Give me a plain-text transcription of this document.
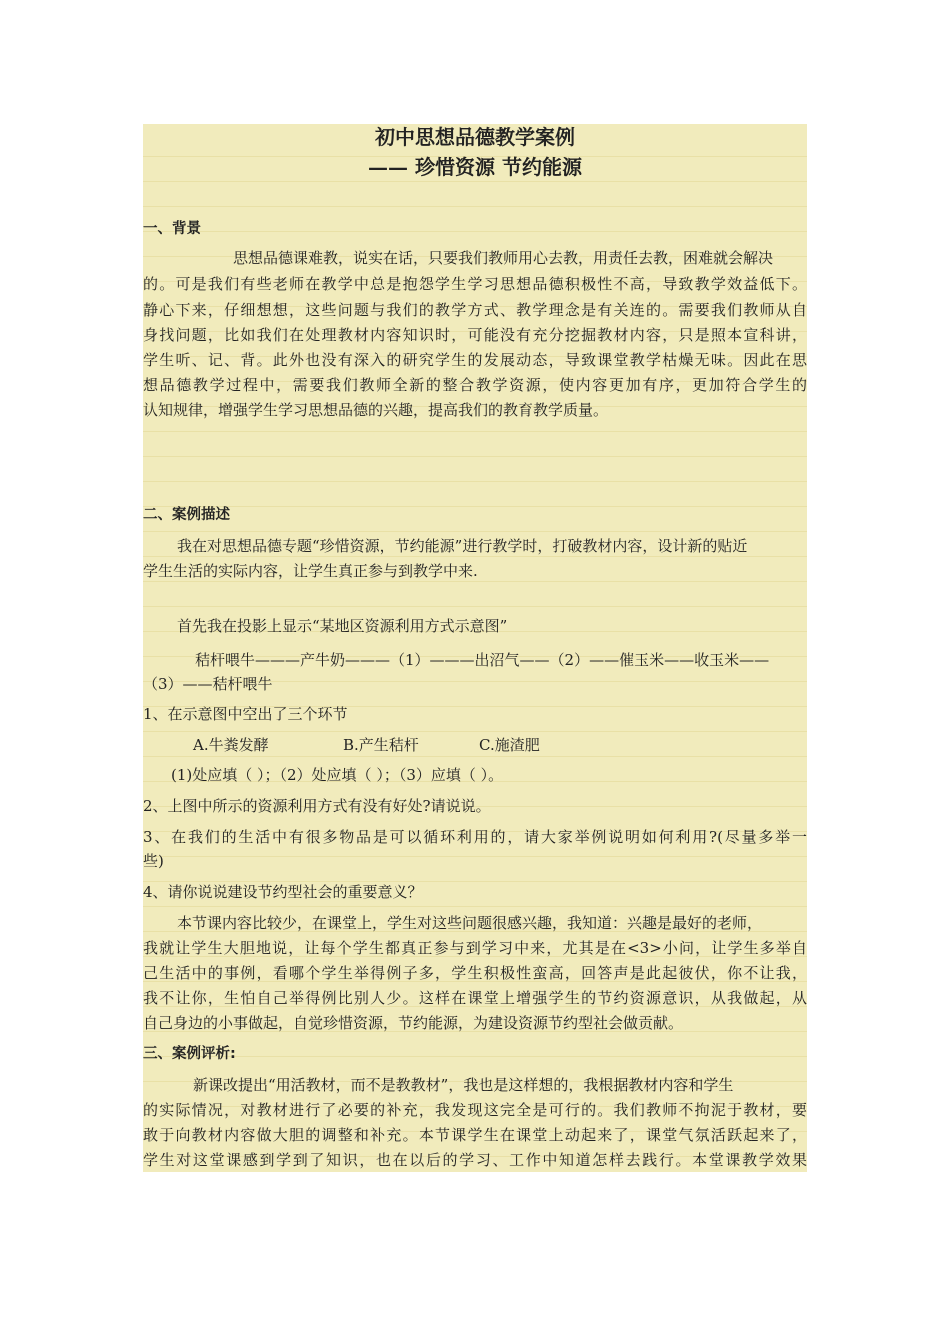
初中思想品德教学案例
—— 珍惜资源 节约能源
一、背景
思想品德课难教，说实在话，只要我们教师用心去教，用责任去教，困难就会解决
的。可是我们有些老师在教学中总是抱怨学生学习思想品德积极性不高，导致教学效益低下。
静心下来，仔细想想，这些问题与我们的教学方式、教学理念是有关连的。需要我们教师从自
身找问题，比如我们在处理教材内容知识时，可能没有充分挖掘教材内容，只是照本宣科讲，
学生听、记、背。此外也没有深入的研究学生的发展动态，导致课堂教学枯燥无味。因此在思
想品德教学过程中，需要我们教师全新的整合教学资源，使内容更加有序，更加符合学生的
认知规律，增强学生学习思想品德的兴趣，提高我们的教育教学质量。
二、案例描述
我在对思想品德专题“珍惜资源，节约能源”进行教学时，打破教材内容，设计新的贴近
学生生活的实际内容，让学生真正参与到教学中来.
首先我在投影上显示“某地区资源利用方式示意图”
秸杆喂牛———产牛奶———（1）———出沼气——（2）——催玉米——收玉米——
（3）——秸杆喂牛
1、在示意图中空出了三个环节
A.牛粪发酵	B.产生秸杆	C.施渣肥
(1)处应填（ ）；（2）处应填（ ）；（3）应填（ ）。
2、上图中所示的资源利用方式有没有好处?请说说。
3、在我们的生活中有很多物品是可以循环利用的，请大家举例说明如何利用?(尽量多举一
些)
4、请你说说建设节约型社会的重要意义？
本节课内容比较少，在课堂上，学生对这些问题很感兴趣，我知道：兴趣是最好的老师，
我就让学生大胆地说，让每个学生都真正参与到学习中来，尤其是在<3>小问，让学生多举自
己生活中的事例，看哪个学生举得例子多，学生积极性蛮高，回答声是此起彼伏，你不让我，
我不让你，生怕自己举得例比别人少。这样在课堂上增强学生的节约资源意识，从我做起，从
自己身边的小事做起，自觉珍惜资源，节约能源，为建设资源节约型社会做贡献。
三、案例评析:
新课改提出“用活教材，而不是教教材”，我也是这样想的，我根据教材内容和学生
的实际情况，对教材进行了必要的补充，我发现这完全是可行的。我们教师不拘泥于教材，要
敢于向教材内容做大胆的调整和补充。本节课学生在课堂上动起来了，课堂气氛活跃起来了，
学生对这堂课感到学到了知识，也在以后的学习、工作中知道怎样去践行。本堂课教学效果
